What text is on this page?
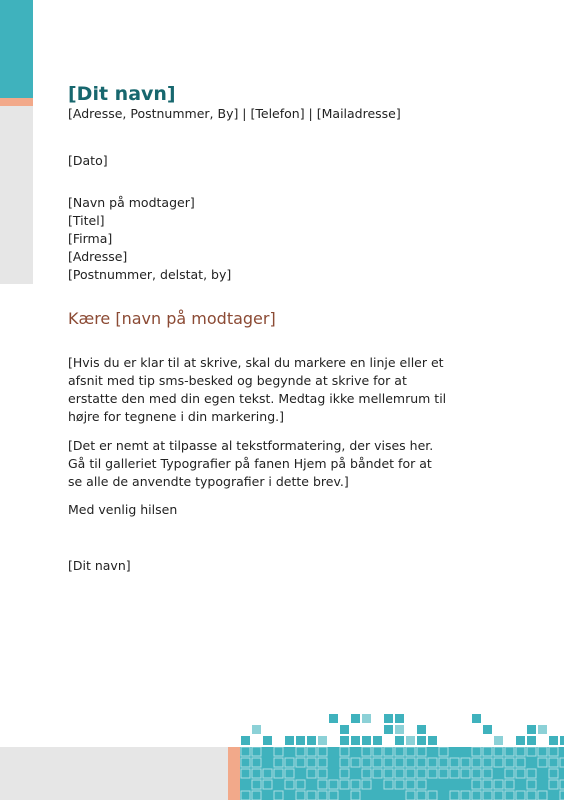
[Dit navn]
[Adresse, Postnummer, By] | [Telefon] | [Mailadresse]
[Dato]
[Navn på modtager]
[Titel]
[Firma]
[Adresse]
[Postnummer, delstat, by]
Kære [navn på modtager]
[Hvis du er klar til at skrive, skal du markere en linje eller et afsnit med tip sms-besked og begynde at skrive for at erstatte den med din egen tekst. Medtag ikke mellemrum til højre for tegnene i din markering.]
[Det er nemt at tilpasse al tekstformatering, der vises her. Gå til galleriet Typografier på fanen Hjem på båndet for at se alle de anvendte typografier i dette brev.]
Med venlig hilsen
[Dit navn]
